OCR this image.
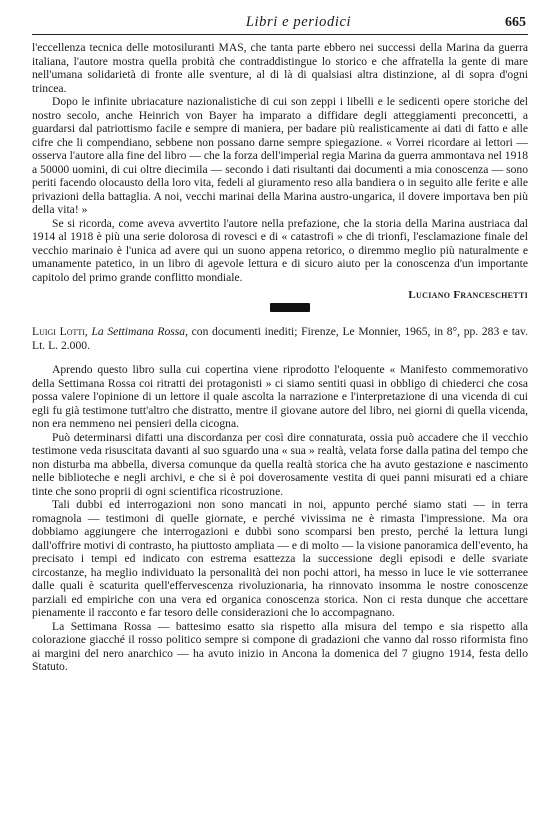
Libri e periodici	665

l'eccellenza tecnica delle motosiluranti MAS, che tanta parte ebbero nei successi della Marina da guerra italiana, l'autore mostra quella probità che contraddistingue lo storico e che affratella la gente di mare nell'umana solidarietà di fronte alle sventure, al di là di qualsiasi altra distinzione, al di sopra d'ogni trincea.

Dopo le infinite ubriacature nazionalistiche di cui son zeppi i libelli e le sedicenti opere storiche del nostro secolo, anche Heinrich von Bayer ha imparato a diffidare degli atteggiamenti preconcetti, a guardarsi dal patriottismo facile e sempre di maniera, per badare più realisticamente ai dati di fatto e alle cifre che li compendiano, sebbene non possano darne sempre spiegazione. « Vorrei ricordare ai lettori — osserva l'autore alla fine del libro — che la forza dell'imperial regia Marina da guerra ammontava nel 1918 a 50000 uomini, di cui oltre diecimila — secondo i dati risultanti dai documenti a mia conoscenza — sono periti facendo olocausto della loro vita, fedeli al giuramento reso alla bandiera o in seguito alle ferite e alle privazioni della battaglia. A noi, vecchi marinai della Marina austro-ungarica, il dovere importava ben più della vita! »

Se si ricorda, come aveva avvertito l'autore nella prefazione, che la storia della Marina austriaca dal 1914 al 1918 è più una serie dolorosa di rovesci e di « catastrofi » che di trionfi, l'esclamazione finale del vecchio marinaio è l'unica ad avere qui un suono appena retorico, o diremmo meglio più naturalmente e umanamente patetico, in un libro di agevole lettura e di sicuro aiuto per la conoscenza d'un importante capitolo del primo grande conflitto mondiale.

Luciano Franceschetti
Luigi Lotti, La Settimana Rossa, con documenti inediti; Firenze, Le Monnier, 1965, in 8°, pp. 283 e tav. Lt. L. 2.000.

Aprendo questo libro sulla cui copertina viene riprodotto l'eloquente « Manifesto commemorativo della Settimana Rossa coi ritratti dei protagonisti » ci siamo sentiti quasi in obbligo di chiederci che cosa possa valere l'opinione di un lettore il quale ascolta la narrazione e l'interpretazione di una vicenda di cui egli fu già testimone tutt'altro che distratto, mentre il giovane autore del libro, nei giorni di quella vicenda, non era nemmeno nei pensieri della cicogna.

Può determinarsi difatti una discordanza per così dire connaturata, ossia può accadere che il vecchio testimone veda risuscitata davanti al suo sguardo una « sua » realtà, velata forse dalla patina del tempo che non disturba ma abbella, diversa comunque da quella realtà storica che ha avuto gestazione e nascimento nelle biblioteche e negli archivi, e che si è poi doverosamente vestita di quei panni misurati ed a chiare tinte che sono proprii di ogni scientifica ricostruzione.

Tali dubbi ed interrogazioni non sono mancati in noi, appunto perché siamo stati — in terra romagnola — testimoni di quelle giornate, e perché vivissima ne è rimasta l'impressione. Ma ora dobbiamo aggiungere che interrogazioni e dubbi sono scomparsi ben presto, perché la lettura lungi dall'offrire motivi di contrasto, ha piuttosto ampliata — e di molto — la visione panoramica dell'evento, ha precisato i tempi ed indicato con estrema esattezza la successione degli episodi e delle svariate circostanze, ha meglio individuato la personalità dei non pochi attori, ha messo in luce le vie sotterranee dalle quali è scaturita quell'effervescenza rivoluzionaria, ha rinnovato insomma le nostre conoscenze parziali ed empiriche con una vera ed organica conoscenza storica. Non ci resta dunque che accettare pienamente il racconto e far tesoro delle considerazioni che lo accompagnano.

La Settimana Rossa — battesimo esatto sia rispetto alla misura del tempo e sia rispetto alla colorazione giacché il rosso politico sempre si compone di gradazioni che vanno dal rosso riformista fino ai margini del nero anarchico — ha avuto inizio in Ancona la domenica del 7 giugno 1914, festa dello Statuto.
